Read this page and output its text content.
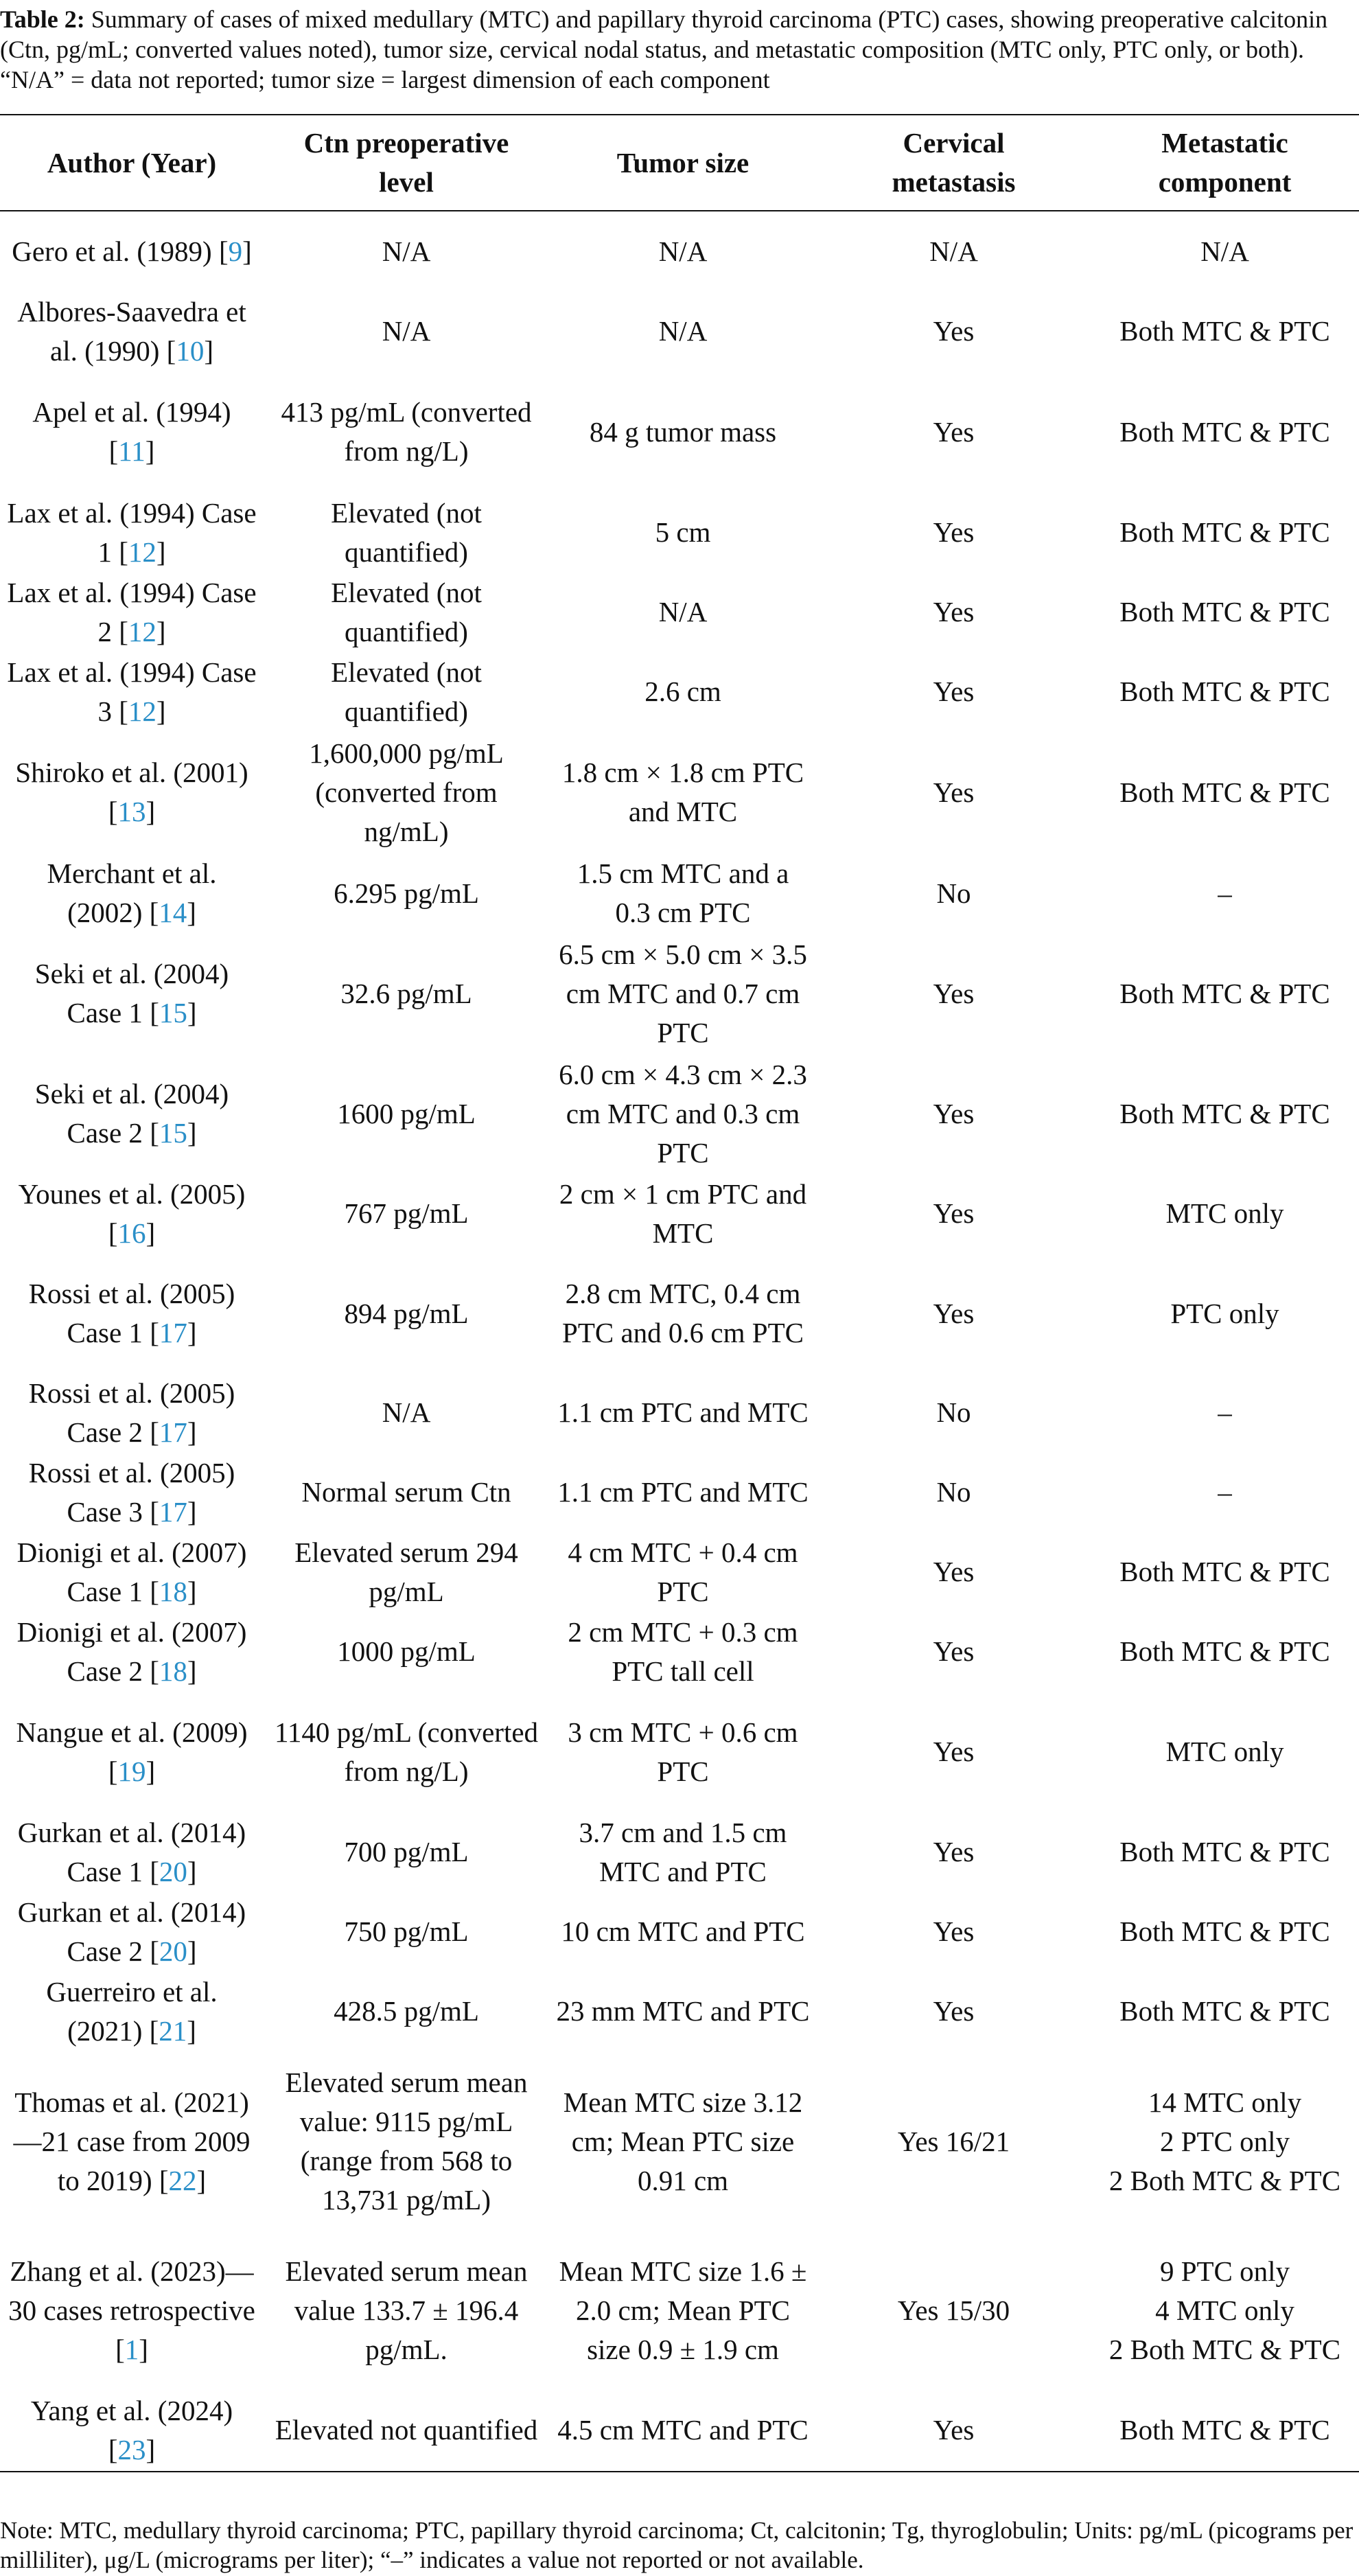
Table 2: Summary of cases of mixed medullary (MTC) and papillary thyroid carcinoma (PTC) cases, showing preoperative calcitonin (Ctn, pg/mL; converted values noted), tumor size, cervical nodal status, and metastatic composition (MTC only, PTC only, or both). “N/A” = data not reported; tumor size = largest dimension of each component
Author (Year)	Ctn preoperative level	Tumor size	Cervical metastasis	Metastatic component
Gero et al. (1989) [9]	N/A	N/A	N/A	N/A
Albores-Saavedra et al. (1990) [10]	N/A	N/A	Yes	Both MTC & PTC
Apel et al. (1994) [11]	413 pg/mL (converted from ng/L)	84 g tumor mass	Yes	Both MTC & PTC
Lax et al. (1994) Case 1 [12]	Elevated (not quantified)	5 cm	Yes	Both MTC & PTC
Lax et al. (1994) Case 2 [12]	Elevated (not quantified)	N/A	Yes	Both MTC & PTC
Lax et al. (1994) Case 3 [12]	Elevated (not quantified)	2.6 cm	Yes	Both MTC & PTC
Shiroko et al. (2001) [13]	1,600,000 pg/mL (converted from ng/mL)	1.8 cm × 1.8 cm PTC and MTC	Yes	Both MTC & PTC
Merchant et al. (2002) [14]	6.295 pg/mL	1.5 cm MTC and a 0.3 cm PTC	No	–
Seki et al. (2004) Case 1 [15]	32.6 pg/mL	6.5 cm × 5.0 cm × 3.5 cm MTC and 0.7 cm PTC	Yes	Both MTC & PTC
Seki et al. (2004) Case 2 [15]	1600 pg/mL	6.0 cm × 4.3 cm × 2.3 cm MTC and 0.3 cm PTC	Yes	Both MTC & PTC
Younes et al. (2005) [16]	767 pg/mL	2 cm × 1 cm PTC and MTC	Yes	MTC only
Rossi et al. (2005) Case 1 [17]	894 pg/mL	2.8 cm MTC, 0.4 cm PTC and 0.6 cm PTC	Yes	PTC only
Rossi et al. (2005) Case 2 [17]	N/A	1.1 cm PTC and MTC	No	–
Rossi et al. (2005) Case 3 [17]	Normal serum Ctn	1.1 cm PTC and MTC	No	–
Dionigi et al. (2007) Case 1 [18]	Elevated serum 294 pg/mL	4 cm MTC + 0.4 cm PTC	Yes	Both MTC & PTC
Dionigi et al. (2007) Case 2 [18]	1000 pg/mL	2 cm MTC + 0.3 cm PTC tall cell	Yes	Both MTC & PTC
Nangue et al. (2009) [19]	1140 pg/mL (converted from ng/L)	3 cm MTC + 0.6 cm PTC	Yes	MTC only
Gurkan et al. (2014) Case 1 [20]	700 pg/mL	3.7 cm and 1.5 cm MTC and PTC	Yes	Both MTC & PTC
Gurkan et al. (2014) Case 2 [20]	750 pg/mL	10 cm MTC and PTC	Yes	Both MTC & PTC
Guerreiro et al. (2021) [21]	428.5 pg/mL	23 mm MTC and PTC	Yes	Both MTC & PTC
Thomas et al. (2021)—21 case from 2009 to 2019) [22]	Elevated serum mean value: 9115 pg/mL (range from 568 to 13,731 pg/mL)	Mean MTC size 3.12 cm; Mean PTC size 0.91 cm	Yes 16/21	14 MTC only
2 PTC only
2 Both MTC & PTC
Zhang et al. (2023)—30 cases retrospective [1]	Elevated serum mean value 133.7 ± 196.4 pg/mL.	Mean MTC size 1.6 ± 2.0 cm; Mean PTC size 0.9 ± 1.9 cm	Yes 15/30	9 PTC only
4 MTC only
2 Both MTC & PTC
Yang et al. (2024) [23]	Elevated not quantified	4.5 cm MTC and PTC	Yes	Both MTC & PTC
Note: MTC, medullary thyroid carcinoma; PTC, papillary thyroid carcinoma; Ct, calcitonin; Tg, thyroglobulin; Units: pg/mL (picograms per milliliter), μg/L (micrograms per liter); “–” indicates a value not reported or not available.
